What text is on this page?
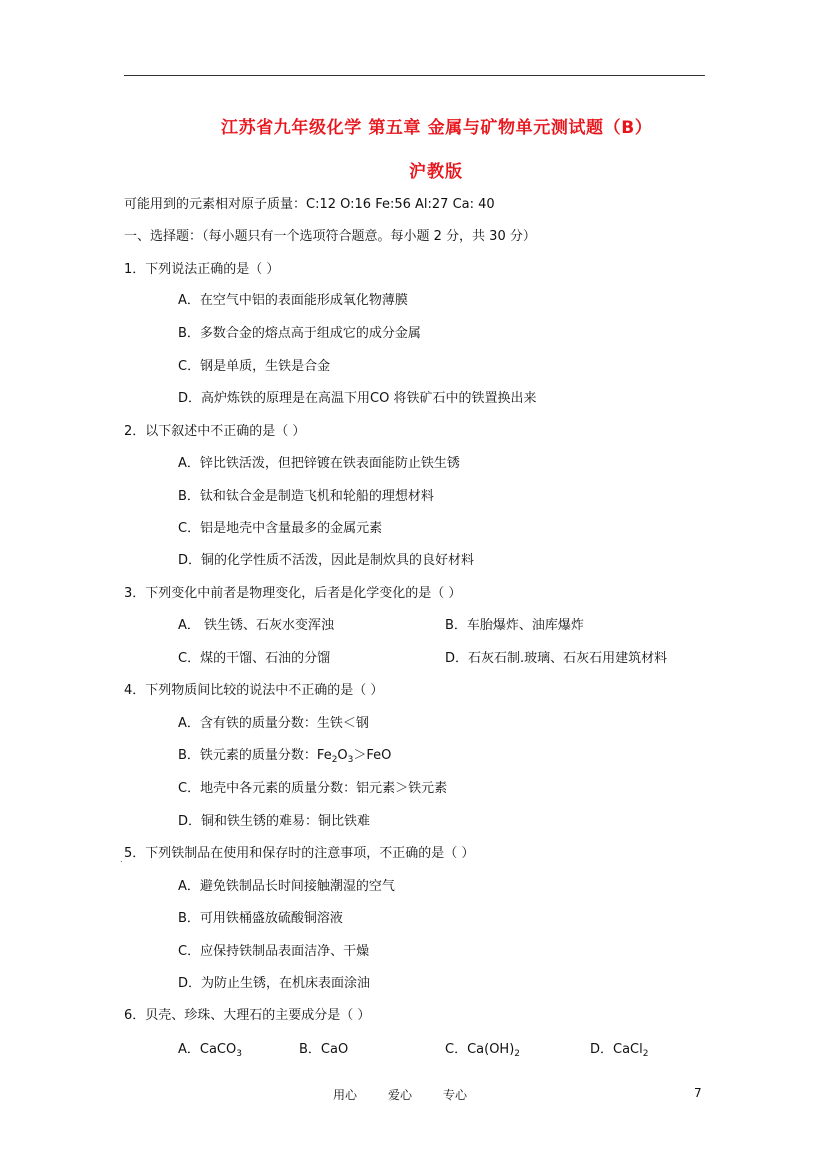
江苏省九年级化学 第五章 金属与矿物单元测试题（B）
沪教版
可能用到的元素相对原子质量：C:12 O:16 Fe:56 Al:27 Ca: 40
一、选择题：（每小题只有一个选项符合题意。每小题 2 分，共 30 分）
1．下列说法正确的是（ ）
A．在空气中铝的表面能形成氧化物薄膜
B．多数合金的熔点高于组成它的成分金属
C．钢是单质，生铁是合金
D．高炉炼铁的原理是在高温下用CO 将铁矿石中的铁置换出来
2．以下叙述中不正确的是（ ）
A．锌比铁活泼，但把锌镀在铁表面能防止铁生锈
B．钛和钛合金是制造飞机和轮船的理想材料
C．铝是地壳中含量最多的金属元素
D．铜的化学性质不活泼，因此是制炊具的良好材料
3．下列变化中前者是物理变化，后者是化学变化的是（ ）
A． 铁生锈、石灰水变浑浊	B．车胎爆炸、油库爆炸
C．煤的干馏、石油的分馏	D．石灰石制.玻璃、石灰石用建筑材料
4．下列物质间比较的说法中不正确的是（ ）
A．含有铁的质量分数：生铁＜钢
B．铁元素的质量分数：$Fe_2O_3>FeO$
C．地壳中各元素的质量分数：铝元素＞铁元素
D．铜和铁生锈的难易：铜比铁难
. 5．下列铁制品在使用和保存时的注意事项，不正确的是（ ）
A．避免铁制品长时间接触潮湿的空气
B．可用铁桶盛放硫酸铜溶液
C．应保持铁制品表面洁净、干燥
D．为防止生锈，在机床表面涂油
6．贝壳、珍珠、大理石的主要成分是（ ）
A．CaCO$_3$	B．CaO	C．$Ca(OH)_2$	D．CaCl$_2$
用心	爱心	专心	7
